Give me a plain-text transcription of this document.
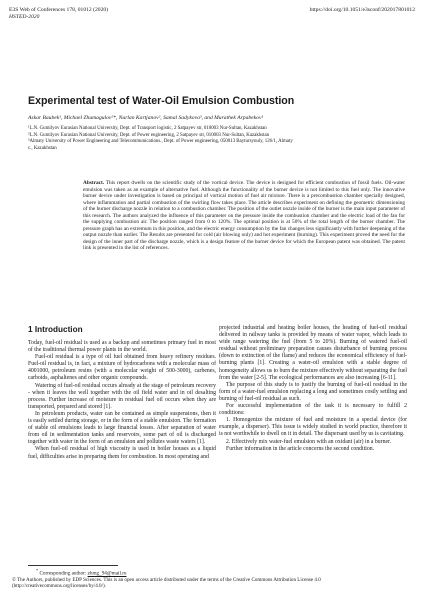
E3S Web of Conferences 178, 01012 (2020)
HSTED-2020
https://doi.org/10.1051/e3sconf/202017801012
Experimental test of Water-Oil Emulsion Combustion
Askar Baubek¹, Michael Zhumagulov²*, Nurlan Kartjanov², Samal Sadykova³, and Murathek Arpabekov¹
¹L.N. Gumilyov Eurasian National University, Dept. of Transport logistic, 2 Satpayev str, 010003 Nur-Sultan, Kazakhstan
²L.N. Gumilyov Eurasian National University, Dept. of Power engineering, 2 Satpayev str, 010003 Nur-Sultan, Kazakhstan
³Almaty University of Power Engineering and Telecommunications., Dept. of Power engineering, 050013 Baytursynuly, 126/1, Almaty
c., Kazakhstan

Abstract. This report dwells on the scientific study of the vortical device. The device is designed for efficient combustion of fossil fuels. Oil-water emulsion was taken as an example of alternative fuel. Although the functionality of the burner device is not limited to this fuel only. The innovative burner device under investigation is based on principal of vortical motion of fuel air mixture. There is a precombustion chamber specially designed, where inflammation and partial combustion of the swirling flow takes place. The article describes experiment on defining the geometric dimensioning of the burner discharge nozzle in relation to a combustion chamber. The position of the outlet nozzle inside of the burner is the main input parameter of this research. The authors analyzed the influence of this parameter on the pressure inside the combustion chamber and the electric load of the fan for the supplying combustion air. The position ranged from 0 to 120%. The optimal position is at 50% of the total length of the burner chamber. The pressure graph has an extremum in this position, and the electric energy consumption by the fan changes less significantly with further deepening of the output nozzle than earlier. The Results are presented for cold (air blowing only) and hot experiment (burning). This experiment proved the need for the design of the inner part of the discharge nozzle, which is a design feature of the burner device for which the European patent was obtained. The patent link is presented in the list of references.

1 Introduction

Today, fuel-oil residual is used as a backup and sometimes primary fuel in most of the traditional thermal power plants in the world.

Fuel-oil residual is a type of oil fuel obtained from heavy refinery residues. Fuel-oil residual is, in fact, a mixture of hydrocarbons with a molecular mass of 4001000, petroleum resins (with a molecular weight of 500-3000), carbenes, carboids, asphaltenes and other organic compounds.

Watering of fuel-oil residual occurs already at the stage of petroleum recovery - when it leaves the well together with the oil field water and in oil desalting process. Further increase of moisture in residual fuel oil occurs when they are transported, prepared and stored [1].

In petroleum products, water can be contained as simple suspensions, then it is easily settled during storage, or in the form of a stable emulsion. The formation of stable oil emulsions leads to large financial losses. After separation of water from oil in sedimentation tanks and reservoirs, some part of oil is discharged together with water in the form of an emulsion and pollutes waste waters [1].

When fuel-oil residual of high viscosity is used in boiler houses as a liquid fuel, difficulties arise in preparing them for combustion. In most operating and

projected industrial and heating boiler houses, the heating of fuel-oil residual delivered in railway tanks is provided by means of water vapor, which leads to wide range watering the fuel (from 5 to 20%). Burning of watered fuel-oil residual without preliminary preparation causes disturbance of burning process (down to extinction of the flame) and reduces the economical efficiency of fuel-burning plants [1]. Creating a water-oil emulsion with a stable degree of homogeneity allows us to burn the mixture effectively without separating the fuel from the water [2-5]. The ecological performances are also increasing [6-11].

The purpose of this study is to justify the burning of fuel-oil residual in the form of a water-fuel emulsion replacing a long and sometimes costly settling and burning of fuel-oil residual as such.

For successful implementation of the task it is necessary to fulfill 2 conditions:

1. Homogenize the mixture of fuel and moisture in a special device (for example, a disperser). This issue is widely studied in world practice, therefore it is not worthwhile to dwell on it in detail. The dispersant used by us is cavitating.

2. Effectively mix water-fuel emulsion with an oxidant (air) in a burner.

Further information in the article concerns the second condition.

* Corresponding author: zhmg_94@mail.ru
© The Authors, published by EDP Sciences. This is an open access article distributed under the terms of the Creative Commons Attribution License 4.0 (http://creativecommons.org/licenses/by/4.0/).
